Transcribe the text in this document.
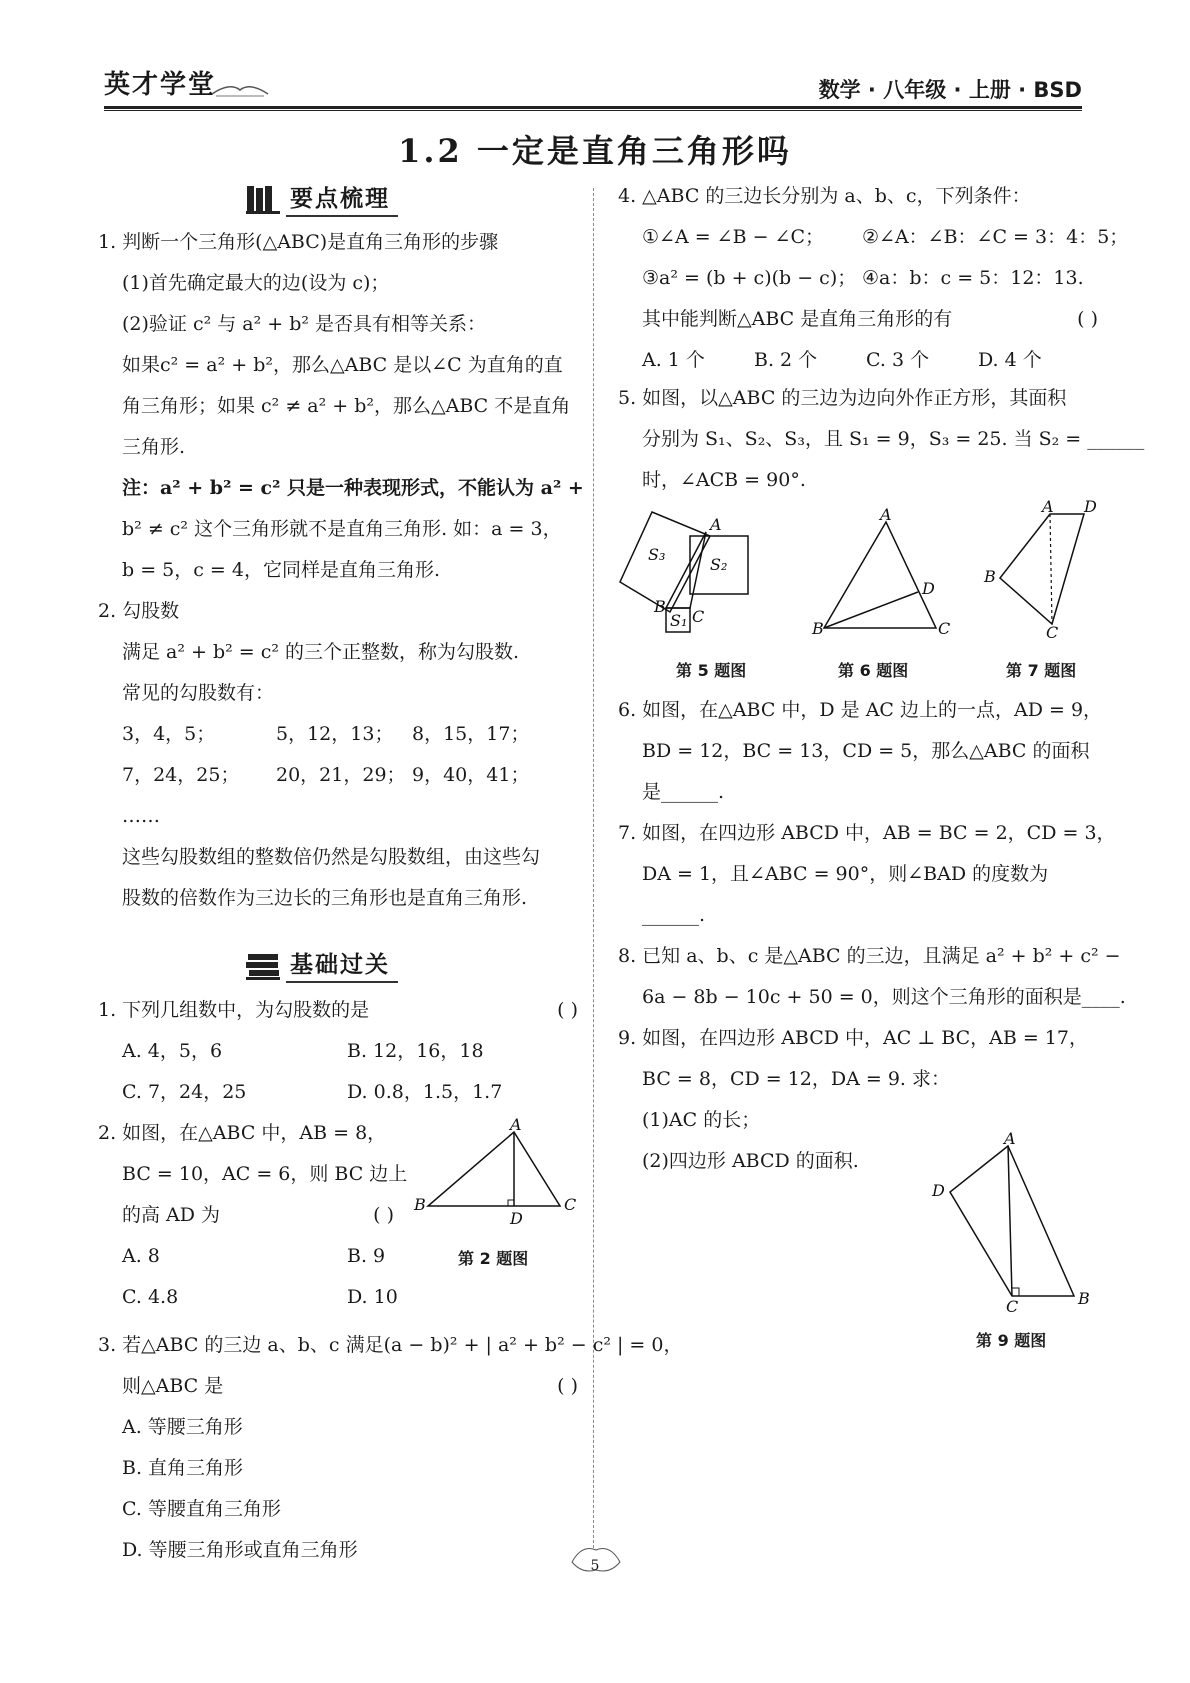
英才学堂	数学 · 八年级 · 上册 · BSD
1.2 一定是直角三角形吗
要点梳理
1. 判断一个三角形(△ABC)是直角三角形的步骤
(1)首先确定最大的边(设为 c)；
(2)验证 c² 与 a² + b² 是否具有相等关系：
如果c² = a² + b²，那么△ABC 是以∠C 为直角的直
角三角形；如果 c² ≠ a² + b²，那么△ABC 不是直角
三角形.
注：a² + b² = c² 只是一种表现形式，不能认为 a² +
b² ≠ c² 这个三角形就不是直角三角形. 如：a = 3，
b = 5，c = 4，它同样是直角三角形.
2. 勾股数
满足 a² + b² = c² 的三个正整数，称为勾股数.
常见的勾股数有：
3，4，5；	5，12，13； 8，15，17；
7，24，25； 20，21，29； 9，40，41；
……
这些勾股数组的整数倍仍然是勾股数组，由这些勾
股数的倍数作为三边长的三角形也是直角三角形.
基础过关
1. 下列几组数中，为勾股数的是	( )
A. 4，5，6	B. 12，16，18
C. 7，24，25	D. 0.8，1.5，1.7
2. 如图，在△ABC 中，AB = 8，
BC = 10，AC = 6，则 BC 边上
的高 AD 为	( )
A. 8	B. 9
C. 4.8	D. 10
A
B	C
D
第 2 题图
3. 若△ABC 的三边 a、b、c 满足(a − b)² + | a² + b² − c² | = 0，
则△ABC 是	( )
A. 等腰三角形
B. 直角三角形
C. 等腰直角三角形
D. 等腰三角形或直角三角形
4. △ABC 的三边长分别为 a、b、c，下列条件：
①∠A = ∠B − ∠C； ②∠A：∠B：∠C = 3：4：5；
③a² = (b + c)(b − c)； ④a：b：c = 5：12：13.
其中能判断△ABC 是直角三角形的有	( )
A. 1 个	B. 2 个	C. 3 个	D. 4 个
5. 如图，以△ABC 的三边为边向外作正方形，其面积
分别为 S₁、S₂、S₃，且 S₁ = 9，S₃ = 25. 当 S₂ = ______
时，∠ACB = 90°.
S₃
S₂
S₁
A
B
C
第 5 题图
A
B	C
D
第 6 题图
A
B
C
D
第 7 题图
6. 如图，在△ABC 中，D 是 AC 边上的一点，AD = 9，
BD = 12，BC = 13，CD = 5，那么△ABC 的面积
是______.
7. 如图，在四边形 ABCD 中，AB = BC = 2，CD = 3，
DA = 1，且∠ABC = 90°，则∠BAD 的度数为
______.
8. 已知 a、b、c 是△ABC 的三边，且满足 a² + b² + c² −
6a − 8b − 10c + 50 = 0，则这个三角形的面积是____.
9. 如图，在四边形 ABCD 中，AC ⊥ BC，AB = 17，
BC = 8，CD = 12，DA = 9. 求：
(1)AC 的长；
(2)四边形 ABCD 的面积.
A
B
C
D
第 9 题图
5
